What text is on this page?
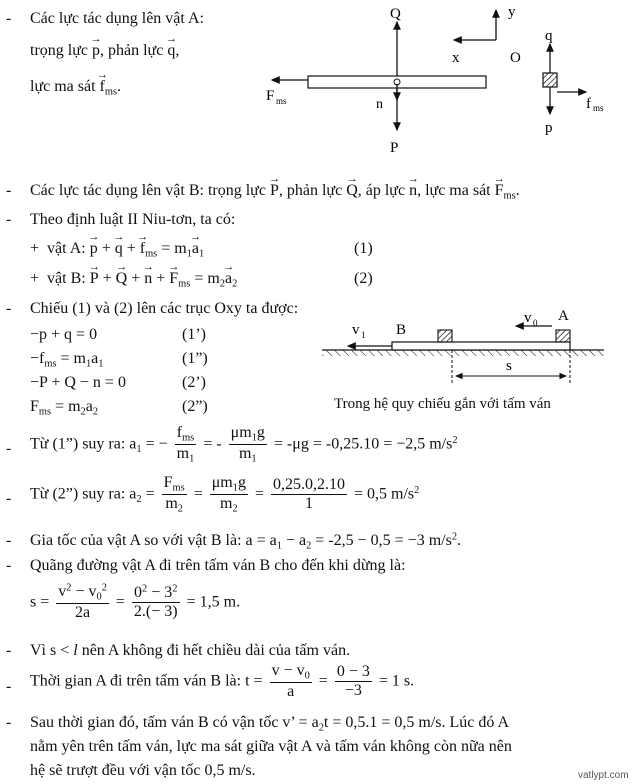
- Các lực tác dụng lên vật A:
trọng lực → p, phản lực → q,
lực ma sát → $f_{ms}$.
Q
F ms	n
P
y
x	O
q
p
f ms
- Các lực tác dụng lên vật B: trọng lực → P, phản lực → Q, áp lực → n, lực ma sát → $F_{ms}$.
- Theo định luật II Niu-tơn, ta có:
+ vật A: → p + → q + → $f_{ms} = m_1\to a_1$	(1)
+ vật B: → P + → Q + → n + → $F_{ms} = m_2\to a_2$	(2)
- Chiếu (1) và (2) lên các trục Oxy ta được:
−p + q = 0	(1’)
$-f_{ms} = m_1a_1$	(1”)
−P + Q − n = 0	(2’)
$F_{ms} = m_2a_2$	(2”)
v 1 B
v 0 A
s
Trong hệ quy chiếu gắn với tấm ván
- Từ (1”) suy ra: $a_1$ = − $\frac{f_{ms}}{m_1}$ = - $\frac{\mu m_1g}{m_1} = -\mu g = -0,25.10 = -2,5$ $m/s^2$
- Từ (2”) suy ra: $a_2 = \frac{F_{ms}}{m_2} = \frac{\mu m_1g}{m_2} = \frac{0,25.0,2.10}{1} = 0,5$ $m/s^2$
- Gia tốc của vật A so với vật B là: $a = a_1 - a_2 = -2,5 - 0,5 = -3$ $m/s^2$.
- Quãng đường vật A đi trên tấm ván B cho đến khi dừng là:
$s = \frac{v^2 - v_0^2}{2a} = \frac{0^2 - 3^2}{2.(- 3)} = 1,5$ m.
- Vì s < l nên A không đi hết chiều dài của tấm ván.
- Thời gian A đi trên tấm ván B là: $t = \frac{v - v_0}{a} = \frac{0 - 3}{-3} = 1$ s.
- Sau thời gian đó, tấm ván B có vận tốc v’ = $a_2t = 0,5.1 = 0,5$ m/s. Lúc đó A
nằm yên trên tấm ván, lực ma sát giữa vật A và tấm ván không còn nữa nên
hệ sẽ trượt đều với vận tốc 0,5 m/s.	vatlypt.com
